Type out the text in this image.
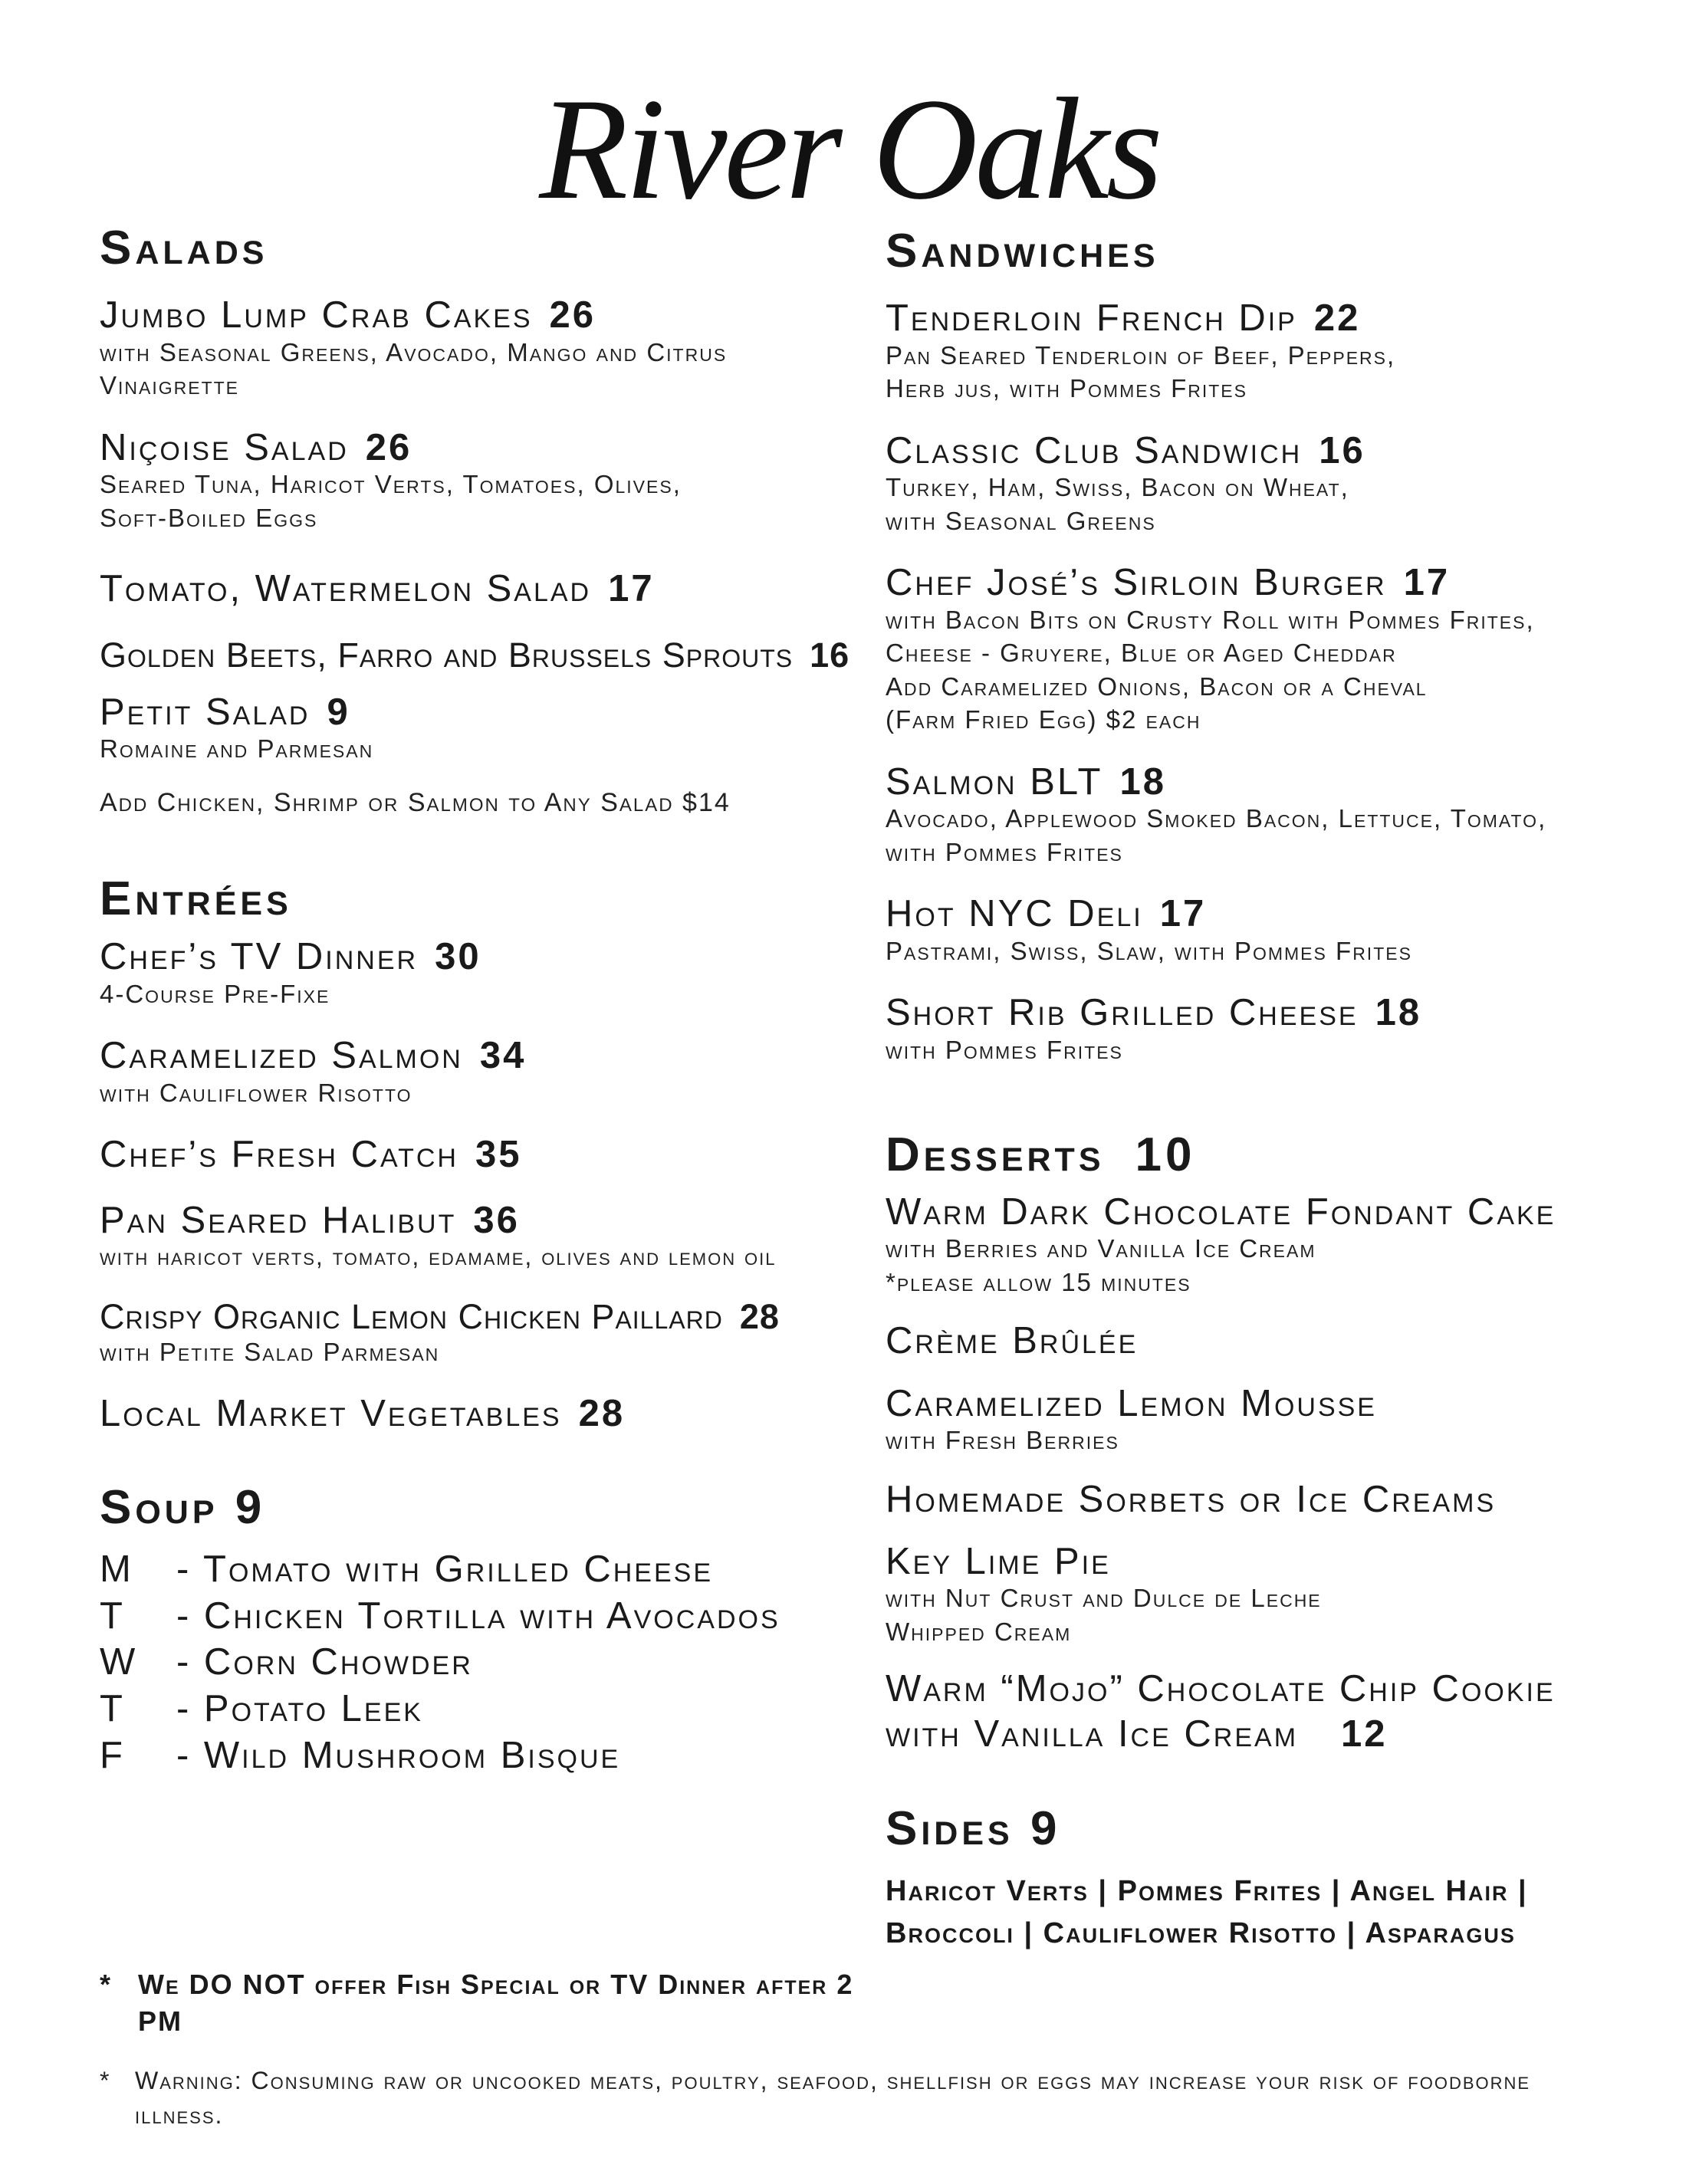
River Oaks
Salads
Jumbo Lump Crab Cakes 26
with Seasonal Greens, Avocado, Mango and Citrus Vinaigrette
Niçoise Salad 26
Seared Tuna, Haricot Verts, Tomatoes, Olives, Soft-Boiled Eggs
Tomato, Watermelon Salad 17
Golden Beets, Farro and Brussels Sprouts 16
Petit Salad 9
Romaine and Parmesan
Add Chicken, Shrimp or Salmon to Any Salad $14
Entrées
Chef’s TV Dinner 30
4-Course Pre-Fixe
Caramelized Salmon 34
with Cauliflower Risotto
Chef’s Fresh Catch 35
Pan Seared Halibut 36
with haricot verts, tomato, edamame, olives and lemon oil
Crispy Organic Lemon Chicken Paillard 28
with Petite Salad Parmesan
Local Market Vegetables 28
Soup 9
M	- Tomato with Grilled Cheese
T	- Chicken Tortilla with Avocados
W	- Corn Chowder
T	- Potato Leek
F	- Wild Mushroom Bisque
Sandwiches
Tenderloin French Dip 22
Pan Seared Tenderloin of Beef, Peppers,
Herb jus, with Pommes Frites
Classic Club Sandwich 16
Turkey, Ham, Swiss, Bacon on Wheat,
with Seasonal Greens
Chef José’s Sirloin Burger 17
with Bacon Bits on Crusty Roll with Pommes Frites,
Cheese - Gruyere, Blue or Aged Cheddar
Add Caramelized Onions, Bacon or a Cheval
(Farm Fried Egg) $2 each
Salmon BLT 18
Avocado, Applewood Smoked Bacon, Lettuce, Tomato,
with Pommes Frites
Hot NYC Deli 17
Pastrami, Swiss, Slaw, with Pommes Frites
Short Rib Grilled Cheese 18
with Pommes Frites
Desserts 10
Warm Dark Chocolate Fondant Cake
with Berries and Vanilla Ice Cream
*please allow 15 minutes
Crème Brûlée
Caramelized Lemon Mousse
with Fresh Berries
Homemade Sorbets or Ice Creams
Key Lime Pie
with Nut Crust and Dulce de Leche
Whipped Cream
Warm “Mojo” Chocolate Chip Cookie
with Vanilla Ice Cream 12
Sides 9
Haricot Verts | Pommes Frites | Angel Hair |
Broccoli | Cauliflower Risotto | Asparagus
* We DO NOT offer Fish Special or TV Dinner after 2 PM
* Warning: Consuming raw or uncooked meats, poultry, seafood, shellfish or eggs may increase your risk of foodborne illness.
